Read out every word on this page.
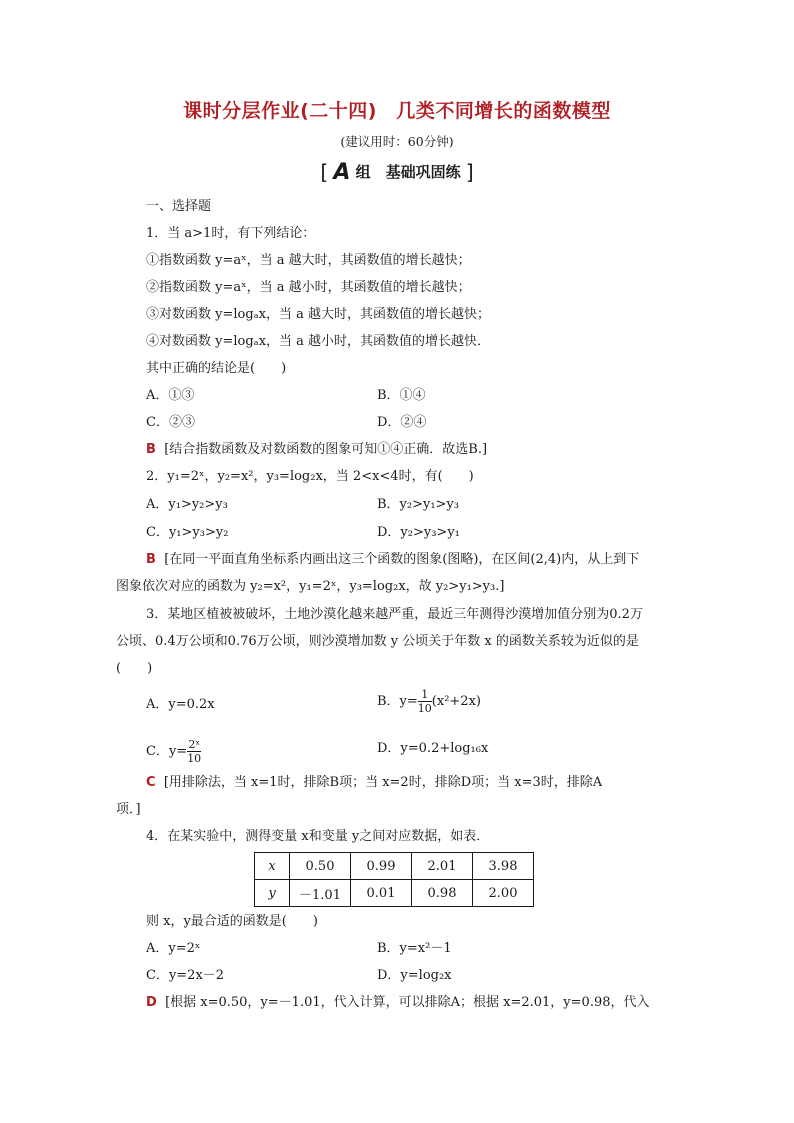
课时分层作业(二十四)　几类不同增长的函数模型
(建议用时：60分钟)
[ A 组　基础巩固练 ]
一、选择题
1．当 a>1时，有下列结论：
①指数函数 y=aˣ，当 a 越大时，其函数值的增长越快；
②指数函数 y=aˣ，当 a 越小时，其函数值的增长越快；
③对数函数 y=logₐx，当 a 越大时，其函数值的增长越快；
④对数函数 y=logₐx，当 a 越小时，其函数值的增长越快．
其中正确的结论是(　　)
A．①③	B．①④
C．②③	D．②④
B [结合指数函数及对数函数的图象可知①④正确．故选B.]
2．y₁=2ˣ，y₂=x²，y₃=log₂x，当 2<x<4时，有(　　)
A．y₁>y₂>y₃	B．y₂>y₁>y₃
C．y₁>y₃>y₂	D．y₂>y₃>y₁
B [在同一平面直角坐标系内画出这三个函数的图象(图略)，在区间(2,4)内，从上到下
图象依次对应的函数为 y₂=x²，y₁=2ˣ，y₃=log₂x，故 y₂>y₁>y₃.]
3．某地区植被被破坏，土地沙漠化越来越严重，最近三年测得沙漠增加值分别为0.2万
公顷、0.4万公顷和0.76万公顷，则沙漠增加数 y 公顷关于年数 x 的函数关系较为近似的是
(　　)
A．y=0.2x	B．$y= \frac{1}{10} (x^2+2x)$
C．$y= \frac{\text{2ˣ}}{10}$	D．y=0.2+log₁₆x
C [用排除法，当 x=1时，排除B项；当 x=2时，排除D项；当 x=3时，排除A
项．]
4．在某实验中，测得变量 x和变量 y之间对应数据，如表．
x	0.50	0.99	2.01	3.98
y	－1.01	0.01	0.98	2.00
则 x，y最合适的函数是(　　)
A．y=2ˣ	B．y=x²－1
C．y=2x－2	D．y=log₂x
D [根据 x=0.50，y=－1.01，代入计算，可以排除A；根据 x=2.01，y=0.98，代入
